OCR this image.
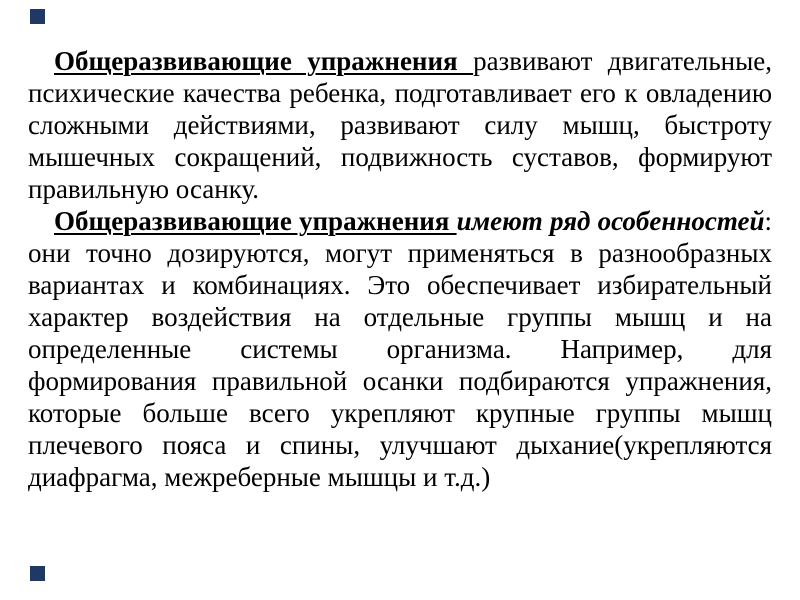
Общеразвивающие упражнения развивают двигательные, психические качества ребенка, подготавливает его к овладению сложными действиями, развивают силу мышц, быстроту мышечных сокращений, подвижность суставов, формируют правильную осанку.

Общеразвивающие упражнения имеют ряд особенностей: они точно дозируются, могут применяться в разнообразных вариантах и комбинациях. Это обеспечивает избирательный характер воздействия на отдельные группы мышц и на определенные системы организма. Например, для формирования правильной осанки подбираются упражнения, которые больше всего укрепляют крупные группы мышц плечевого пояса и спины, улучшают дыхание(укрепляются диафрагма, межреберные мышцы и т.д.)
